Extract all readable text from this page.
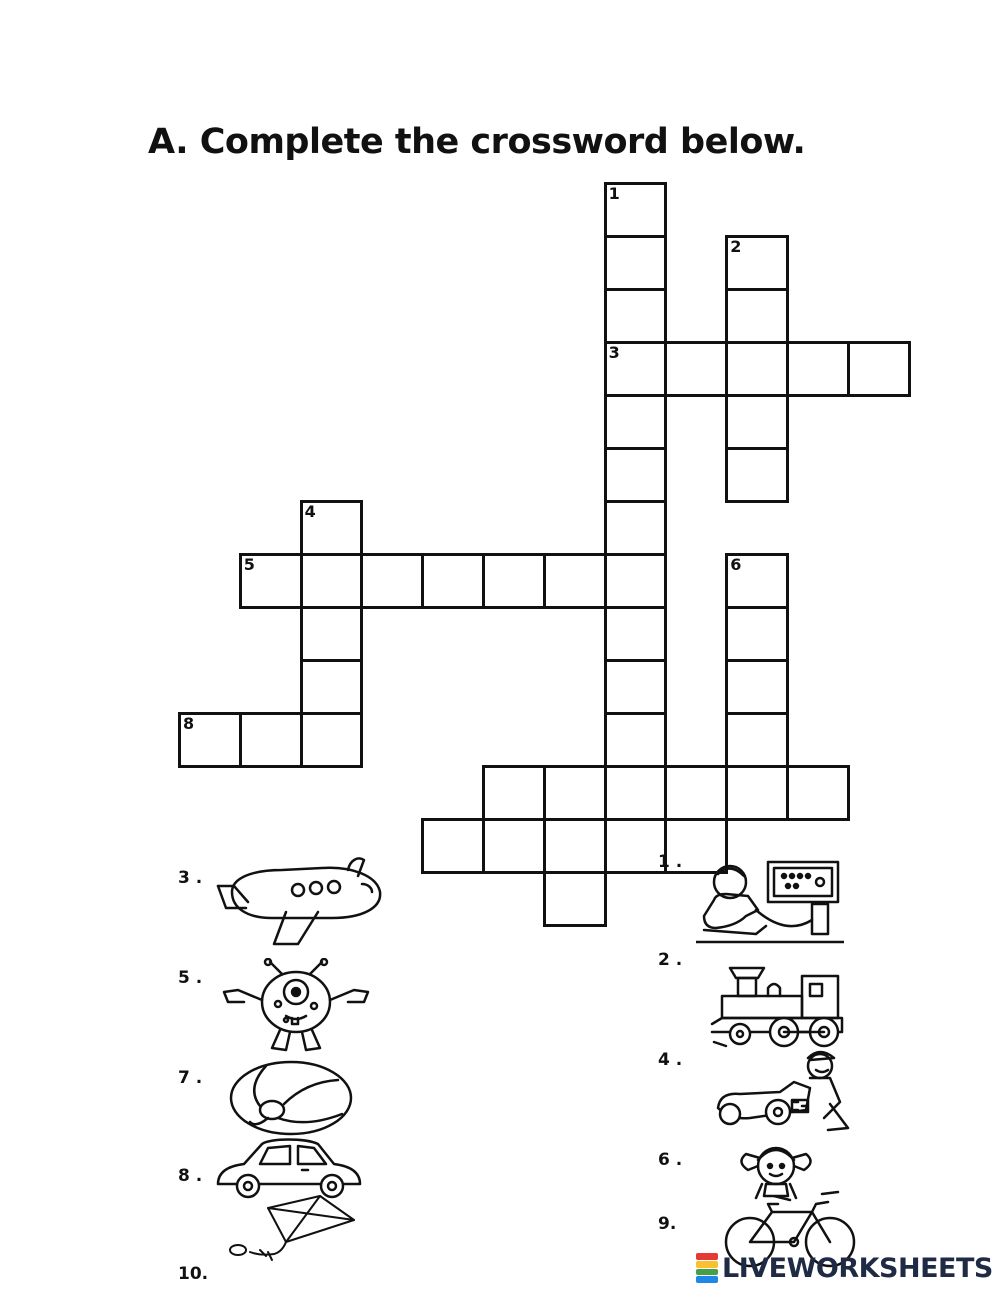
A. Complete the crossword below.
1
3
2
4
5	6
8
3 .
5 .
7 .
8 .
10.
1 .
2 .
4 .
6 .
9.
LIVEWORKSHEETS
